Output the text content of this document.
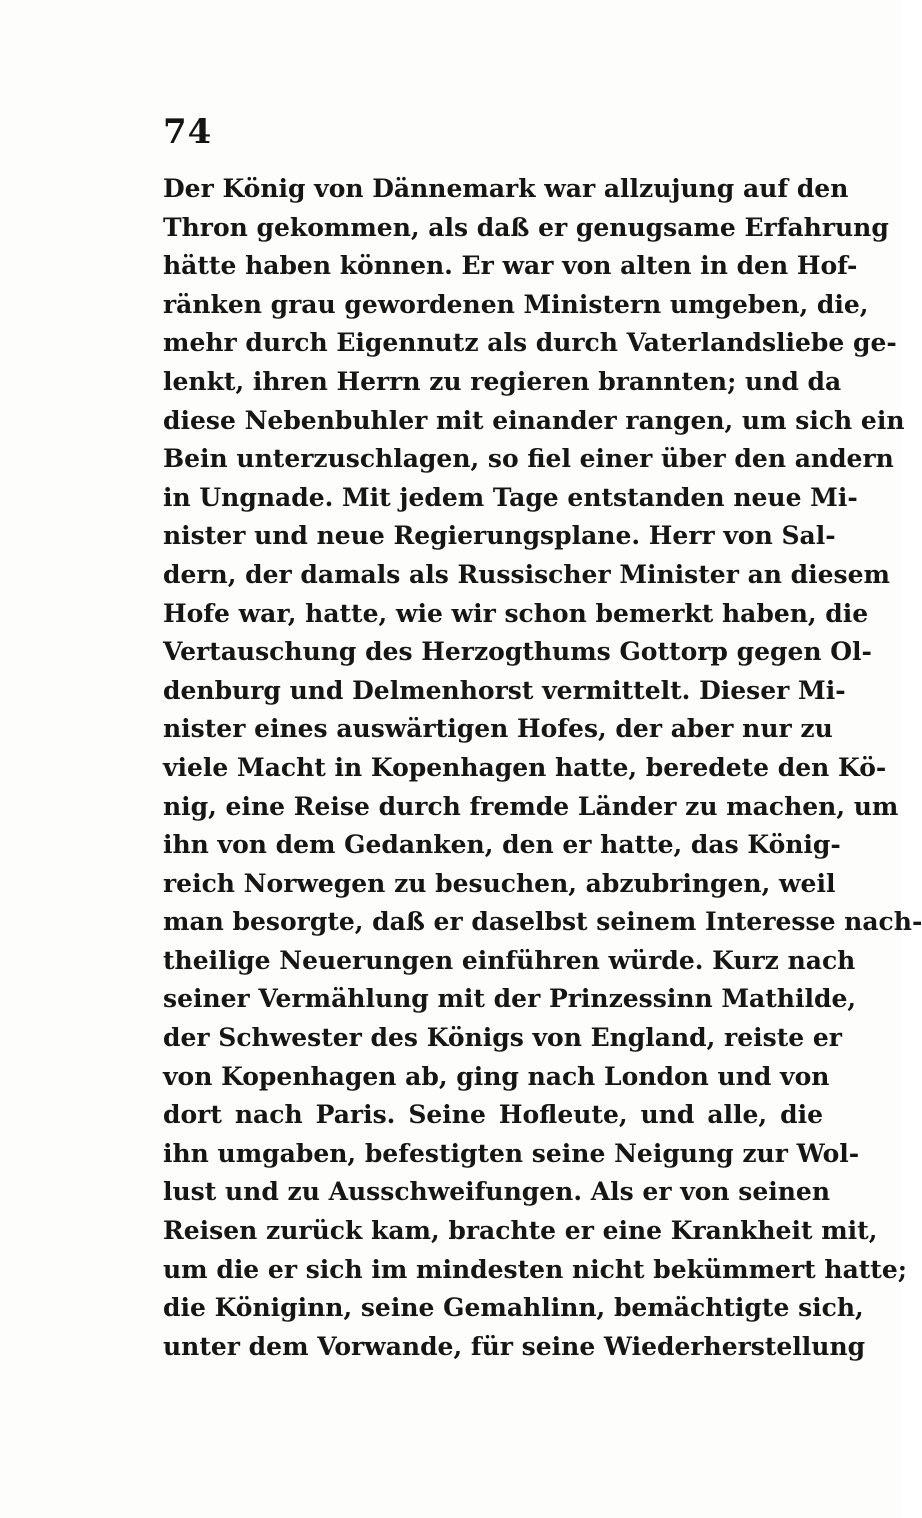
74
Der König von Dännemark war allzujung auf den
Thron gekommen, als daß er genugsame Erfahrung
hätte haben können. Er war von alten in den Hof-
ränken grau gewordenen Ministern umgeben, die,
mehr durch Eigennutz als durch Vaterlandsliebe ge-
lenkt, ihren Herrn zu regieren brannten; und da
diese Nebenbuhler mit einander rangen, um sich ein
Bein unterzuschlagen, so fiel einer über den andern
in Ungnade. Mit jedem Tage entstanden neue Mi-
nister und neue Regierungsplane. Herr von Sal-
dern, der damals als Russischer Minister an diesem
Hofe war, hatte, wie wir schon bemerkt haben, die
Vertauschung des Herzogthums Gottorp gegen Ol-
denburg und Delmenhorst vermittelt. Dieser Mi-
nister eines auswärtigen Hofes, der aber nur zu
viele Macht in Kopenhagen hatte, beredete den Kö-
nig, eine Reise durch fremde Länder zu machen, um
ihn von dem Gedanken, den er hatte, das König-
reich Norwegen zu besuchen, abzubringen, weil
man besorgte, daß er daselbst seinem Interesse nach-
theilige Neuerungen einführen würde. Kurz nach
seiner Vermählung mit der Prinzessinn Mathilde,
der Schwester des Königs von England, reiste er
von Kopenhagen ab, ging nach London und von
dort nach Paris. Seine Hofleute, und alle, die
ihn umgaben, befestigten seine Neigung zur Wol-
lust und zu Ausschweifungen. Als er von seinen
Reisen zurück kam, brachte er eine Krankheit mit,
um die er sich im mindesten nicht bekümmert hatte;
die Königinn, seine Gemahlinn, bemächtigte sich,
unter dem Vorwande, für seine Wiederherstellung
